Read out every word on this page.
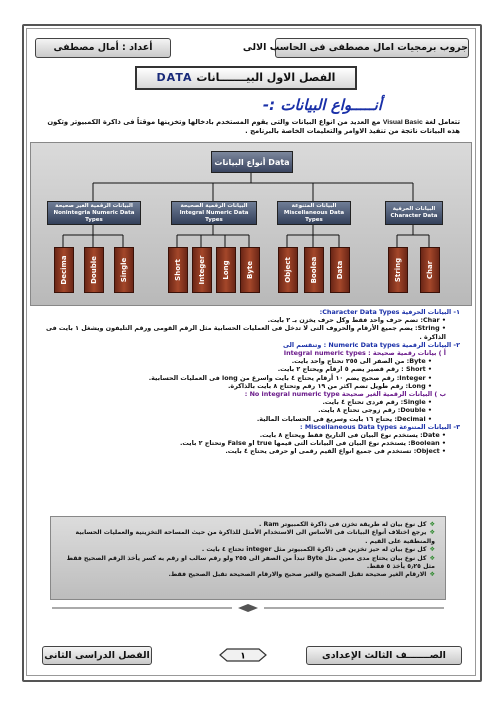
جروب برمجيات امال مصطفى فى الحاسب الالى
أعداد : أمال مصطفى
الفصل الاول البيـــــــانات DATA
أنـــــواع البيانات :-
تتعامل لغة Visual Basic مع العديد من انواع البيانات والتى يقوم المستخدم بادخالها وتخزينها موقتاً فى ذاكرة الكمبيوتر وتكون
هذه البيانات ناتجة من تنفيذ الاوامر والتعليمات الخاصة بالبرنامج .
أنواع البيانات Data
البيانات الرقمية الغير صحيحة
Nonintegria Numeric Data Types
البيانات الرقمية الصحيحة
Integral Numeric Data Types
البيانات المتنوعة
Miscellaneous Data Types
البيانات الحرفية
Character Data
Decima	Double	Single	Short Integer Long Byte	Object	Boolea	Data	String	Char
١- البيانات الحرفية Character Data Types:
• Char: تضم حرف واحد فقط وكل حرف يخزن بـ ٢ بايت.
• String: يضم جميع الأرقام والحروف التى لا تدخل فى العمليات الحسابية مثل الرقم القومى ورقم التليفون ويشغل ١ بايت فى الذاكرة .
٢- البيانات الرقمية Numeric Data types : وتنقسم الى
أ ) بيانات رقمية صحيحة : Integral numeric types
• Byte: من الصفر الى ٢٥٥ تحتاج واحد بايت.
• Short : رقم قصير يضم ٥ ارقام ويحتاج ٢ بايت.
• Integer: رقم صحيح يضم ١٠ أرقام يحتاج ٤ بايت واسرع من long فى العمليات الحسابية.
• Long: رقم طويل تضم اكثر من ١٩ رقم وتحتاج ٨ بايت بالذاكرة.
ب ) البيانات الرقمية الغير صحيحة No integral numeric type :
• Single: رقم فردى تحتاج ٤ بايت.
• Double: رقم زوجى تحتاج ٨ بايت.
• Decimal: يحتاج ١٦ بايت وسريع فى الحسابات المالية.
٣- البيانات المتنوعة Miscellaneous Data types :
• Date: يستخدم نوع البيان فى التاريخ فقط ويحتاج ٨ بايت.
• Boolean: يستخدم نوع البيان فى البيانات التى قيمها true او False وتحتاج ٢ بايت.
• Object: تستخدم فى جميع انواع القيم رقمى او حرفى يحتاج ٤ بايت.
❖كل نوع بيان له طريقة تخزن فى ذاكرة الكمبيوتر Ram .
❖يرجع اختلاف أنواع البيانات فى الأساس الى الاستخدام الأمثل للذاكرة من حيث المساحة التخزينية والعمليات الحسابية والمنطقية على القيم .
❖كل نوع بيان له حيز تخزين فى ذاكرة الكمبيوتر مثل integer تحتاج ٤ بايت .
❖كل نوع بيان يحتاج مدى معين مثل Byte تبدأ من الصفر الى ٢٥٥ ولو رقم سالب او رقم به كسر يأخذ الرقم الصحيح فقط مثل ٥٫٢٥ يأخذ ٥ فقط.
❖الارقام الغير صحيحة تقبل الصحيح والغير صحيح والارقام الصحيحة تقبل الصحيح فقط.
الصـــــــف الثالث الإعدادى
الفصل الدراسى الثانى	١
